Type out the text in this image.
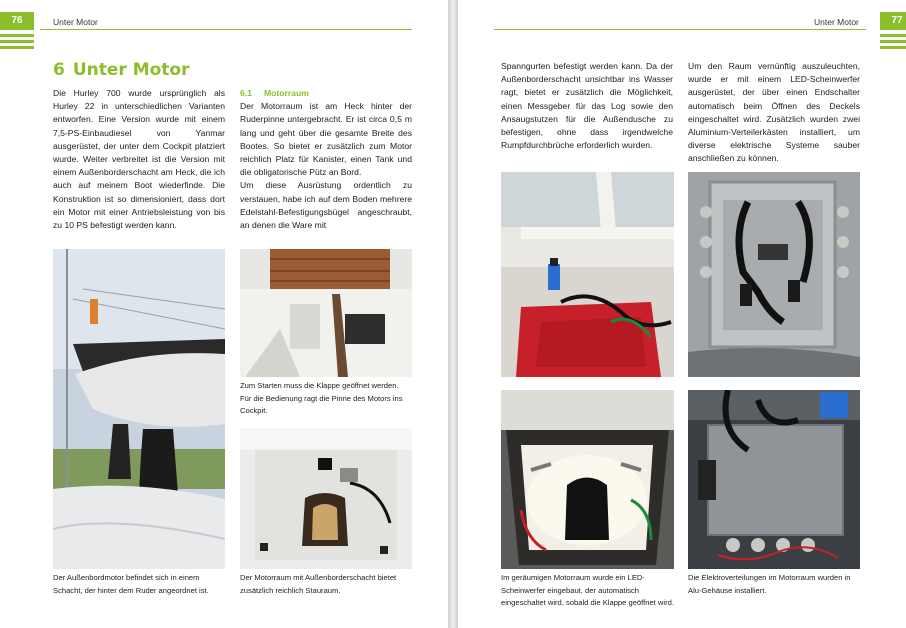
76	Unter Motor
6 Unter Motor

Die Hurley 700 wurde ursprünglich als Hurley 22 in unterschiedlichen Varianten entworfen. Eine Version wurde mit einem 7,5-PS-Einbaudiesel von Yanmar ausgerüstet, der unter dem Cockpit platziert wurde. Weiter verbreitet ist die Version mit einem Außenborderschacht am Heck, die ich auch auf meinem Boot wiederfinde. Die Konstruktion ist so dimensioniert, dass dort ein Motor mit einer Antriebsleistung von bis zu 10 PS befestigt werden kann.

6.1 Motorraum

Der Motorraum ist am Heck hinter der Ruderpinne untergebracht. Er ist circa 0,5 m lang und geht über die gesamte Breite des Bootes. So bietet er zusätzlich zum Motor reichlich Platz für Kanister, einen Tank und die obligatorische Pütz an Bord.

Um diese Ausrüstung ordentlich zu verstauen, habe ich auf dem Boden mehrere Edelstahl-Befestigungsbügel angeschraubt, an denen die Ware mit

Der Außenbordmotor befindet sich in einem Schacht, der hinter dem Ruder angeordnet ist.
Zum Starten muss die Klappe geöffnet werden. Für die Bedienung ragt die Pinne des Motors ins Cockpit.
Der Motorraum mit Außenborderschacht bietet zusätzlich reichlich Stauraum.
77
Unter Motor

Spanngurten befestigt werden kann. Da der Außenborderschacht unsichtbar ins Wasser ragt, bietet er zusätzlich die Möglichkeit, einen Messgeber für das Log sowie den Ansaugstutzen für die Außendusche zu befestigen, ohne dass irgendwelche Rumpfdurchbrüche erforderlich wurden.

Um den Raum vernünftig auszuleuchten, wurde er mit einem LED-Scheinwerfer ausgerüstet, der über einen Endschalter automatisch beim Öffnen des Deckels eingeschaltet wird. Zusätzlich wurden zwei Aluminium-Verteilerkästen installiert, um diverse elektrische Systeme sauber anschließen zu können.

Im geräumigen Motorraum wurde ein LED-Scheinwerfer eingebaut, der automatisch eingeschaltet wird, sobald die Klappe geöffnet wird.
Die Elektroverteilungen im Motorraum wurden in Alu-Gehäuse installiert.
